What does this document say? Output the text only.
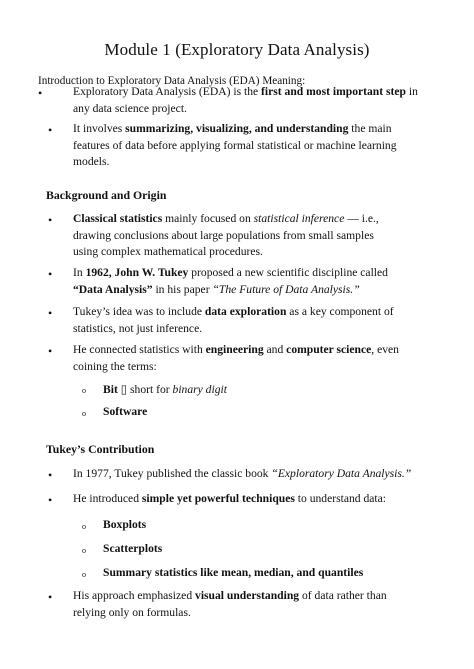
Module 1 (Exploratory Data Analysis)
Introduction to Exploratory Data Analysis (EDA) Meaning:
•	Exploratory Data Analysis (EDA) is the first and most important step in
any data science project.
• It involves summarizing, visualizing, and understanding the main
features of data before applying formal statistical or machine learning
models.
Background and Origin
• Classical statistics mainly focused on statistical inference — i.e.,
drawing conclusions about large populations from small samples
using complex mathematical procedures.
• In 1962, John W. Tukey proposed a new scientific discipline called
“Data Analysis” in his paper “The Future of Data Analysis.”
• Tukey’s idea was to include data exploration as a key component of
statistics, not just inference.
• He connected statistics with engineering and computer science, even
coining the terms:
o Bit ▯ short for binary digit
o Software
Tukey’s Contribution
• In 1977, Tukey published the classic book “Exploratory Data Analysis.”
• He introduced simple yet powerful techniques to understand data:
o Boxplots
o Scatterplots
o Summary statistics like mean, median, and quantiles
• His approach emphasized visual understanding of data rather than
relying only on formulas.
